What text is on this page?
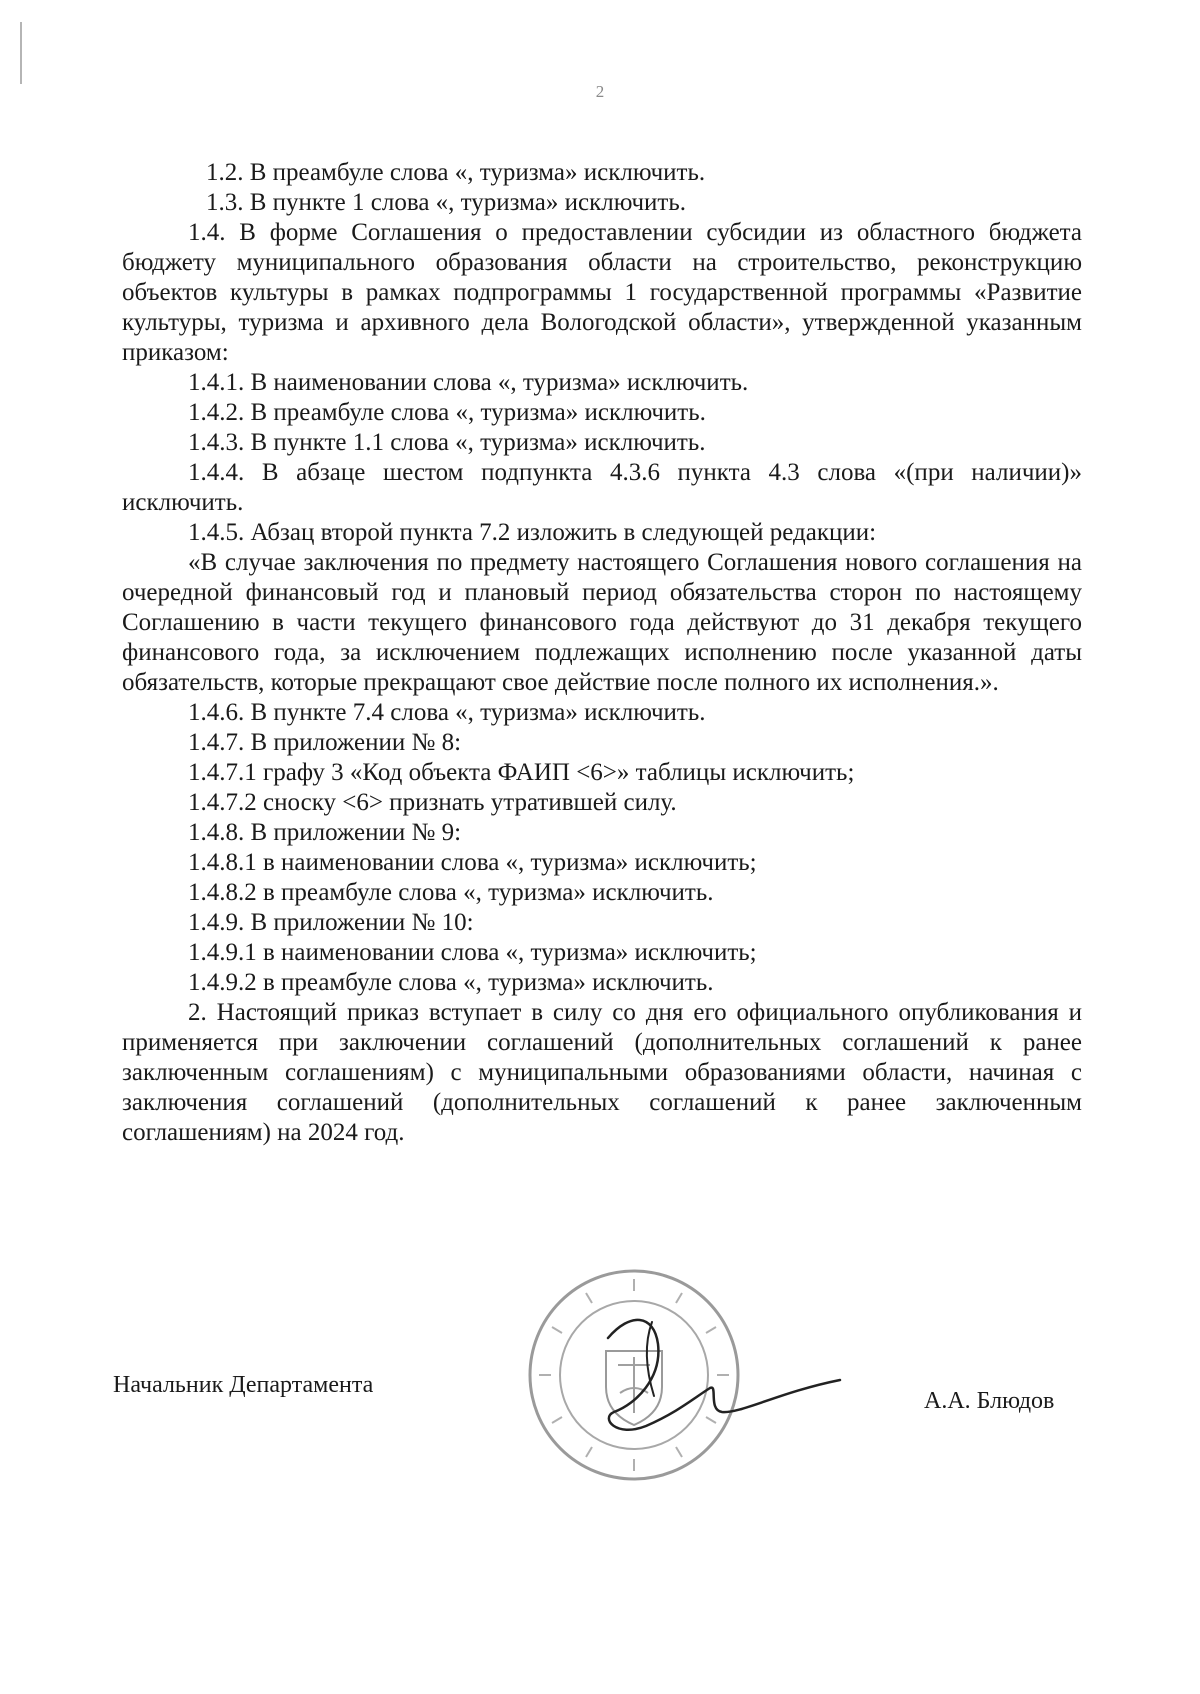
2

1.2. В преамбуле слова «, туризма» исключить.

1.3. В пункте 1 слова «, туризма» исключить.

1.4. В форме Соглашения о предоставлении субсидии из областного бюджета бюджету муниципального образования области на строительство, реконструкцию объектов культуры в рамках подпрограммы 1 государственной программы «Развитие культуры, туризма и архивного дела Вологодской области», утвержденной указанным приказом:

1.4.1. В наименовании слова «, туризма» исключить.

1.4.2. В преамбуле слова «, туризма» исключить.

1.4.3. В пункте 1.1 слова «, туризма» исключить.

1.4.4. В абзаце шестом подпункта 4.3.6 пункта 4.3 слова «(при наличии)» исключить.

1.4.5. Абзац второй пункта 7.2 изложить в следующей редакции:

«В случае заключения по предмету настоящего Соглашения нового соглашения на очередной финансовый год и плановый период обязательства сторон по настоящему Соглашению в части текущего финансового года действуют до 31 декабря текущего финансового года, за исключением подлежащих исполнению после указанной даты обязательств, которые прекращают свое действие после полного их исполнения.».

1.4.6. В пункте 7.4 слова «, туризма» исключить.

1.4.7. В приложении № 8:

1.4.7.1 графу 3 «Код объекта ФАИП <6>» таблицы исключить;

1.4.7.2 сноску <6> признать утратившей силу.

1.4.8. В приложении № 9:

1.4.8.1 в наименовании слова «, туризма» исключить;

1.4.8.2 в преамбуле слова «, туризма» исключить.

1.4.9. В приложении № 10:

1.4.9.1 в наименовании слова «, туризма» исключить;

1.4.9.2 в преамбуле слова «, туризма» исключить.

2. Настоящий приказ вступает в силу со дня его официального опубликования и применяется при заключении соглашений (дополнительных соглашений к ранее заключенным соглашениям) с муниципальными образованиями области, начиная с заключения соглашений (дополнительных соглашений к ранее заключенным соглашениям) на 2024 год.

Начальник Департамента
А.А. Блюдов
